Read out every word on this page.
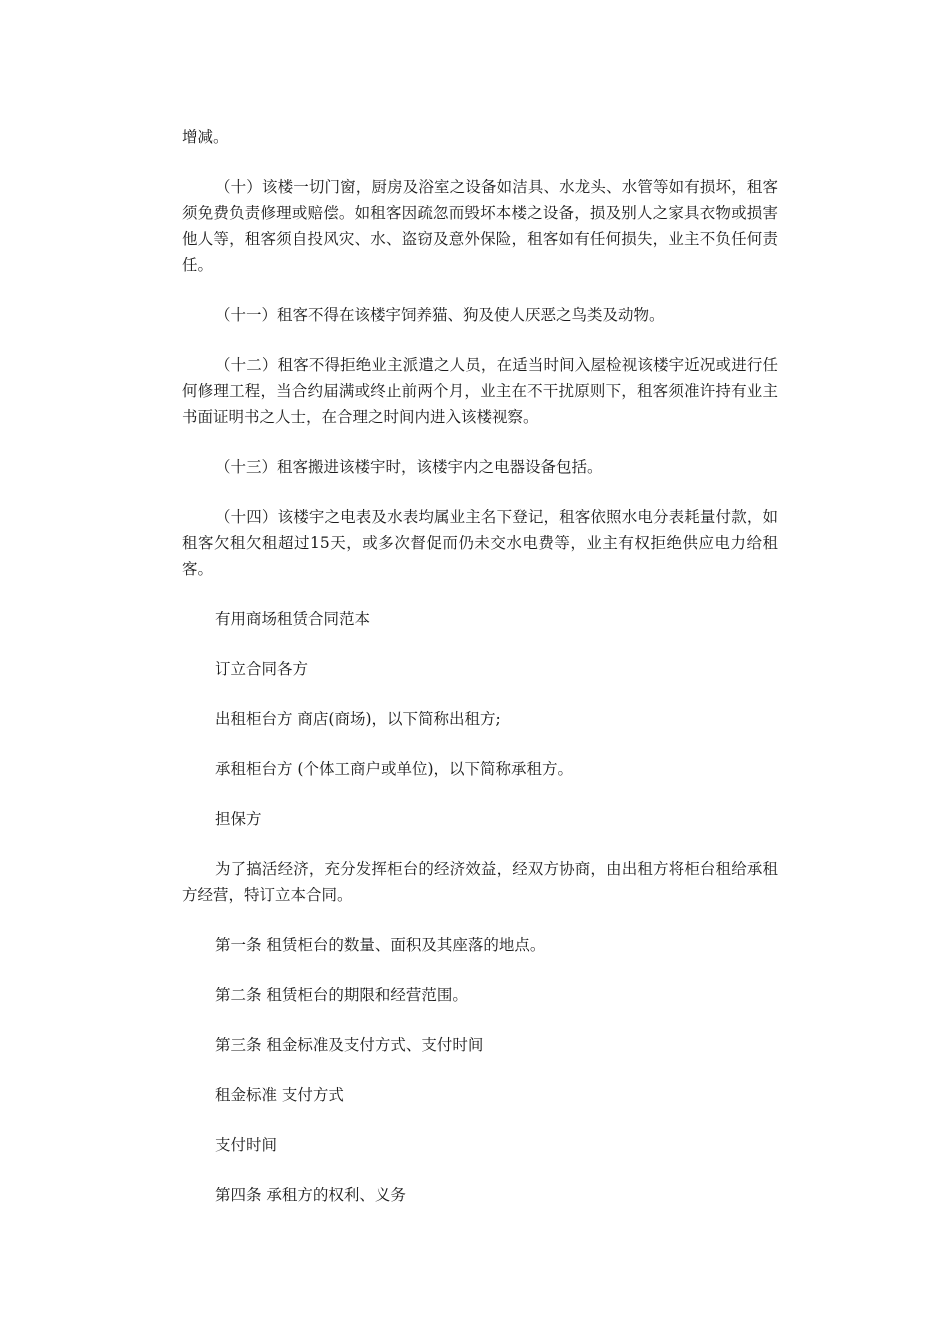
增减。

（十）该楼一切门窗，厨房及浴室之设备如洁具、水龙头、水管等如有损坏，租客须免费负责修理或赔偿。如租客因疏忽而毁坏本楼之设备，损及别人之家具衣物或损害他人等，租客须自投风灾、水、盗窃及意外保险，租客如有任何损失，业主不负任何责任。

（十一）租客不得在该楼宇饲养猫、狗及使人厌恶之鸟类及动物。

（十二）租客不得拒绝业主派遣之人员，在适当时间入屋检视该楼宇近况或进行任何修理工程，当合约届满或终止前两个月，业主在不干扰原则下，租客须准许持有业主书面证明书之人士，在合理之时间内进入该楼视察。

（十三）租客搬进该楼宇时，该楼宇内之电器设备包括。

（十四）该楼宇之电表及水表均属业主名下登记，租客依照水电分表耗量付款，如租客欠租欠租超过15天，或多次督促而仍未交水电费等，业主有权拒绝供应电力给租客。

有用商场租赁合同范本

订立合同各方

出租柜台方 商店(商场)，以下简称出租方;

承租柜台方 (个体工商户或单位)，以下简称承租方。

担保方

为了搞活经济，充分发挥柜台的经济效益，经双方协商，由出租方将柜台租给承租方经营，特订立本合同。

第一条 租赁柜台的数量、面积及其座落的地点。

第二条 租赁柜台的期限和经营范围。

第三条 租金标准及支付方式、支付时间

租金标准 支付方式

支付时间

第四条 承租方的权利、义务
